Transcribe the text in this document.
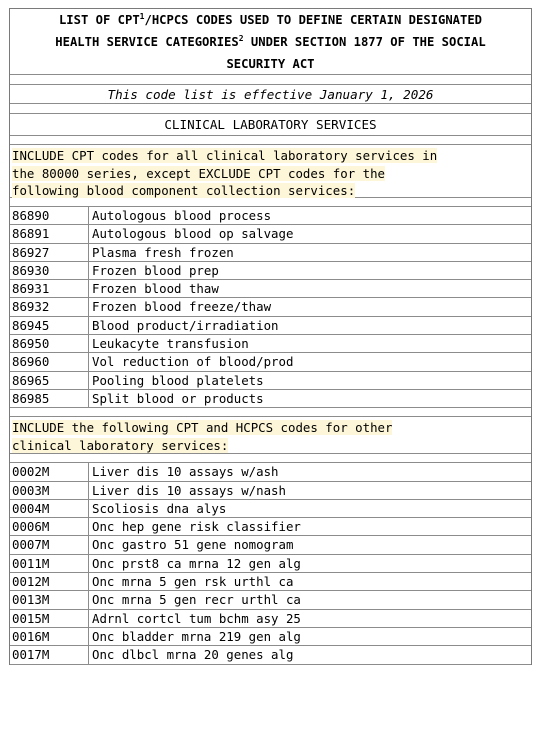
LIST OF CPT$^1$/HCPCS CODES USED TO DEFINE CERTAIN DESIGNATED
HEALTH SERVICE CATEGORIES$^2$ UNDER SECTION 1877 OF THE SOCIAL
SECURITY ACT
This code list is effective January 1, 2026
CLINICAL LABORATORY SERVICES
INCLUDE CPT codes for all clinical laboratory services in
the 80000 series, except EXCLUDE CPT codes for the
following blood component collection services:
86890	Autologous blood process
86891	Autologous blood op salvage
86927	Plasma fresh frozen
86930	Frozen blood prep
86931	Frozen blood thaw
86932	Frozen blood freeze/thaw
86945	Blood product/irradiation
86950	Leukacyte transfusion
86960	Vol reduction of blood/prod
86965	Pooling blood platelets
86985	Split blood or products
INCLUDE the following CPT and HCPCS codes for other
clinical laboratory services:
0002M	Liver dis 10 assays w/ash
0003M	Liver dis 10 assays w/nash
0004M	Scoliosis dna alys
0006M	Onc hep gene risk classifier
0007M	Onc gastro 51 gene nomogram
0011M	Onc prst8 ca mrna 12 gen alg
0012M	Onc mrna 5 gen rsk urthl ca
0013M	Onc mrna 5 gen recr urthl ca
0015M	Adrnl cortcl tum bchm asy 25
0016M	Onc bladder mrna 219 gen alg
0017M	Onc dlbcl mrna 20 genes alg
